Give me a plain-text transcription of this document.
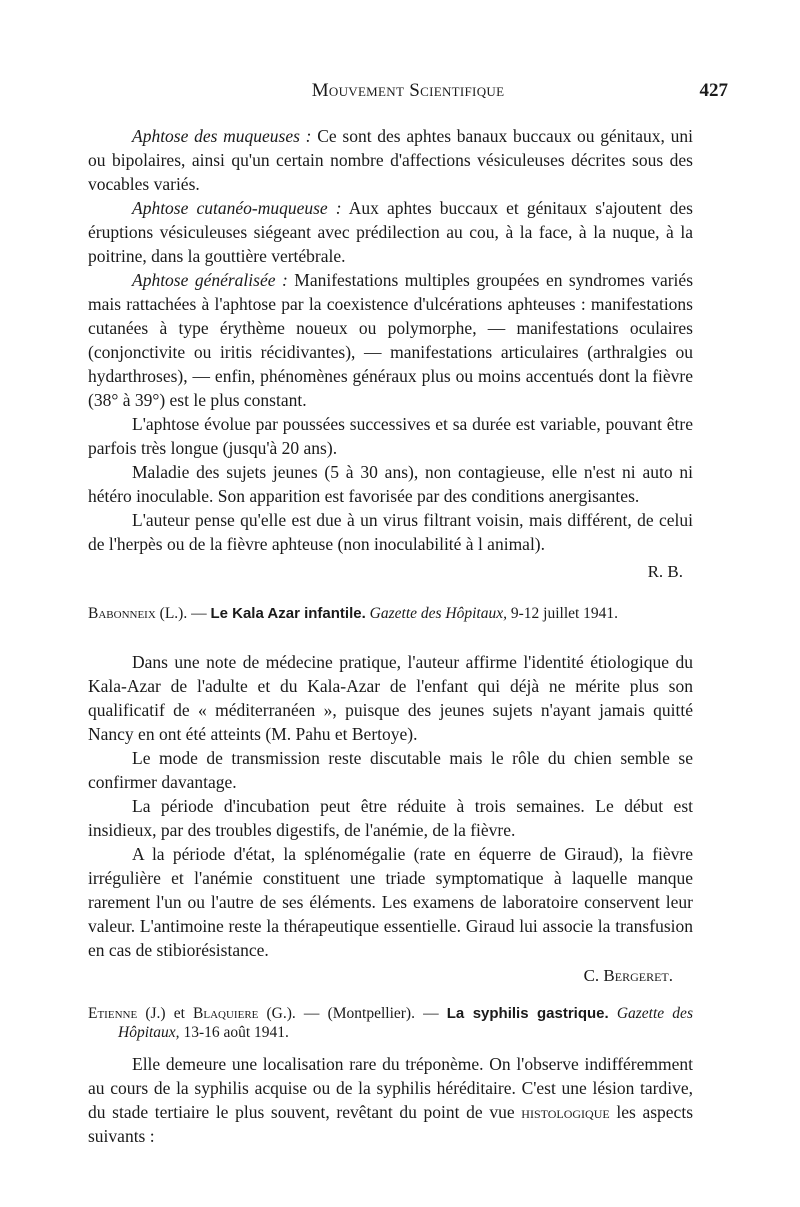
Mouvement Scientifique	427

Aphtose des muqueuses : Ce sont des aphtes banaux buccaux ou génitaux, uni ou bipolaires, ainsi qu'un certain nombre d'affections vésiculeuses décrites sous des vocables variés.

Aphtose cutanéo-muqueuse : Aux aphtes buccaux et génitaux s'ajoutent des éruptions vésiculeuses siégeant avec prédilection au cou, à la face, à la nuque, à la poitrine, dans la gouttière vertébrale.

Aphtose généralisée : Manifestations multiples groupées en syndromes variés mais rattachées à l'aphtose par la coexistence d'ulcérations aphteuses : manifestations cutanées à type érythème noueux ou polymorphe, — manifestations oculaires (conjonctivite ou iritis récidivantes), — manifestations articulaires (arthralgies ou hydarthroses), — enfin, phénomènes généraux plus ou moins accentués dont la fièvre (38° à 39°) est le plus constant.

L'aphtose évolue par poussées successives et sa durée est variable, pouvant être parfois très longue (jusqu'à 20 ans).

Maladie des sujets jeunes (5 à 30 ans), non contagieuse, elle n'est ni auto ni hétéro inoculable. Son apparition est favorisée par des conditions anergisantes.

L'auteur pense qu'elle est due à un virus filtrant voisin, mais différent, de celui de l'herpès ou de la fièvre aphteuse (non inoculabilité à l animal).

R. B.

Babonneix (L.). — Le Kala Azar infantile. Gazette des Hôpitaux, 9-12 juillet 1941.

Dans une note de médecine pratique, l'auteur affirme l'identité étiologique du Kala-Azar de l'adulte et du Kala-Azar de l'enfant qui déjà ne mérite plus son qualificatif de « méditerranéen », puisque des jeunes sujets n'ayant jamais quitté Nancy en ont été atteints (M. Pahu et Bertoye).

Le mode de transmission reste discutable mais le rôle du chien semble se confirmer davantage.

La période d'incubation peut être réduite à trois semaines. Le début est insidieux, par des troubles digestifs, de l'anémie, de la fièvre.

A la période d'état, la splénomégalie (rate en équerre de Giraud), la fièvre irrégulière et l'anémie constituent une triade symptomatique à laquelle manque rarement l'un ou l'autre de ses éléments. Les examens de laboratoire conservent leur valeur. L'antimoine reste la thérapeutique essentielle. Giraud lui associe la transfusion en cas de stibiorésistance.

C. Bergeret.

Etienne (J.) et Blaquiere (G.). — (Montpellier). — La syphilis gastrique. Gazette des Hôpitaux, 13-16 août 1941.

Elle demeure une localisation rare du tréponème. On l'observe indifféremment au cours de la syphilis acquise ou de la syphilis héréditaire. C'est une lésion tardive, du stade tertiaire le plus souvent, revêtant du point de vue histologique les aspects suivants :
